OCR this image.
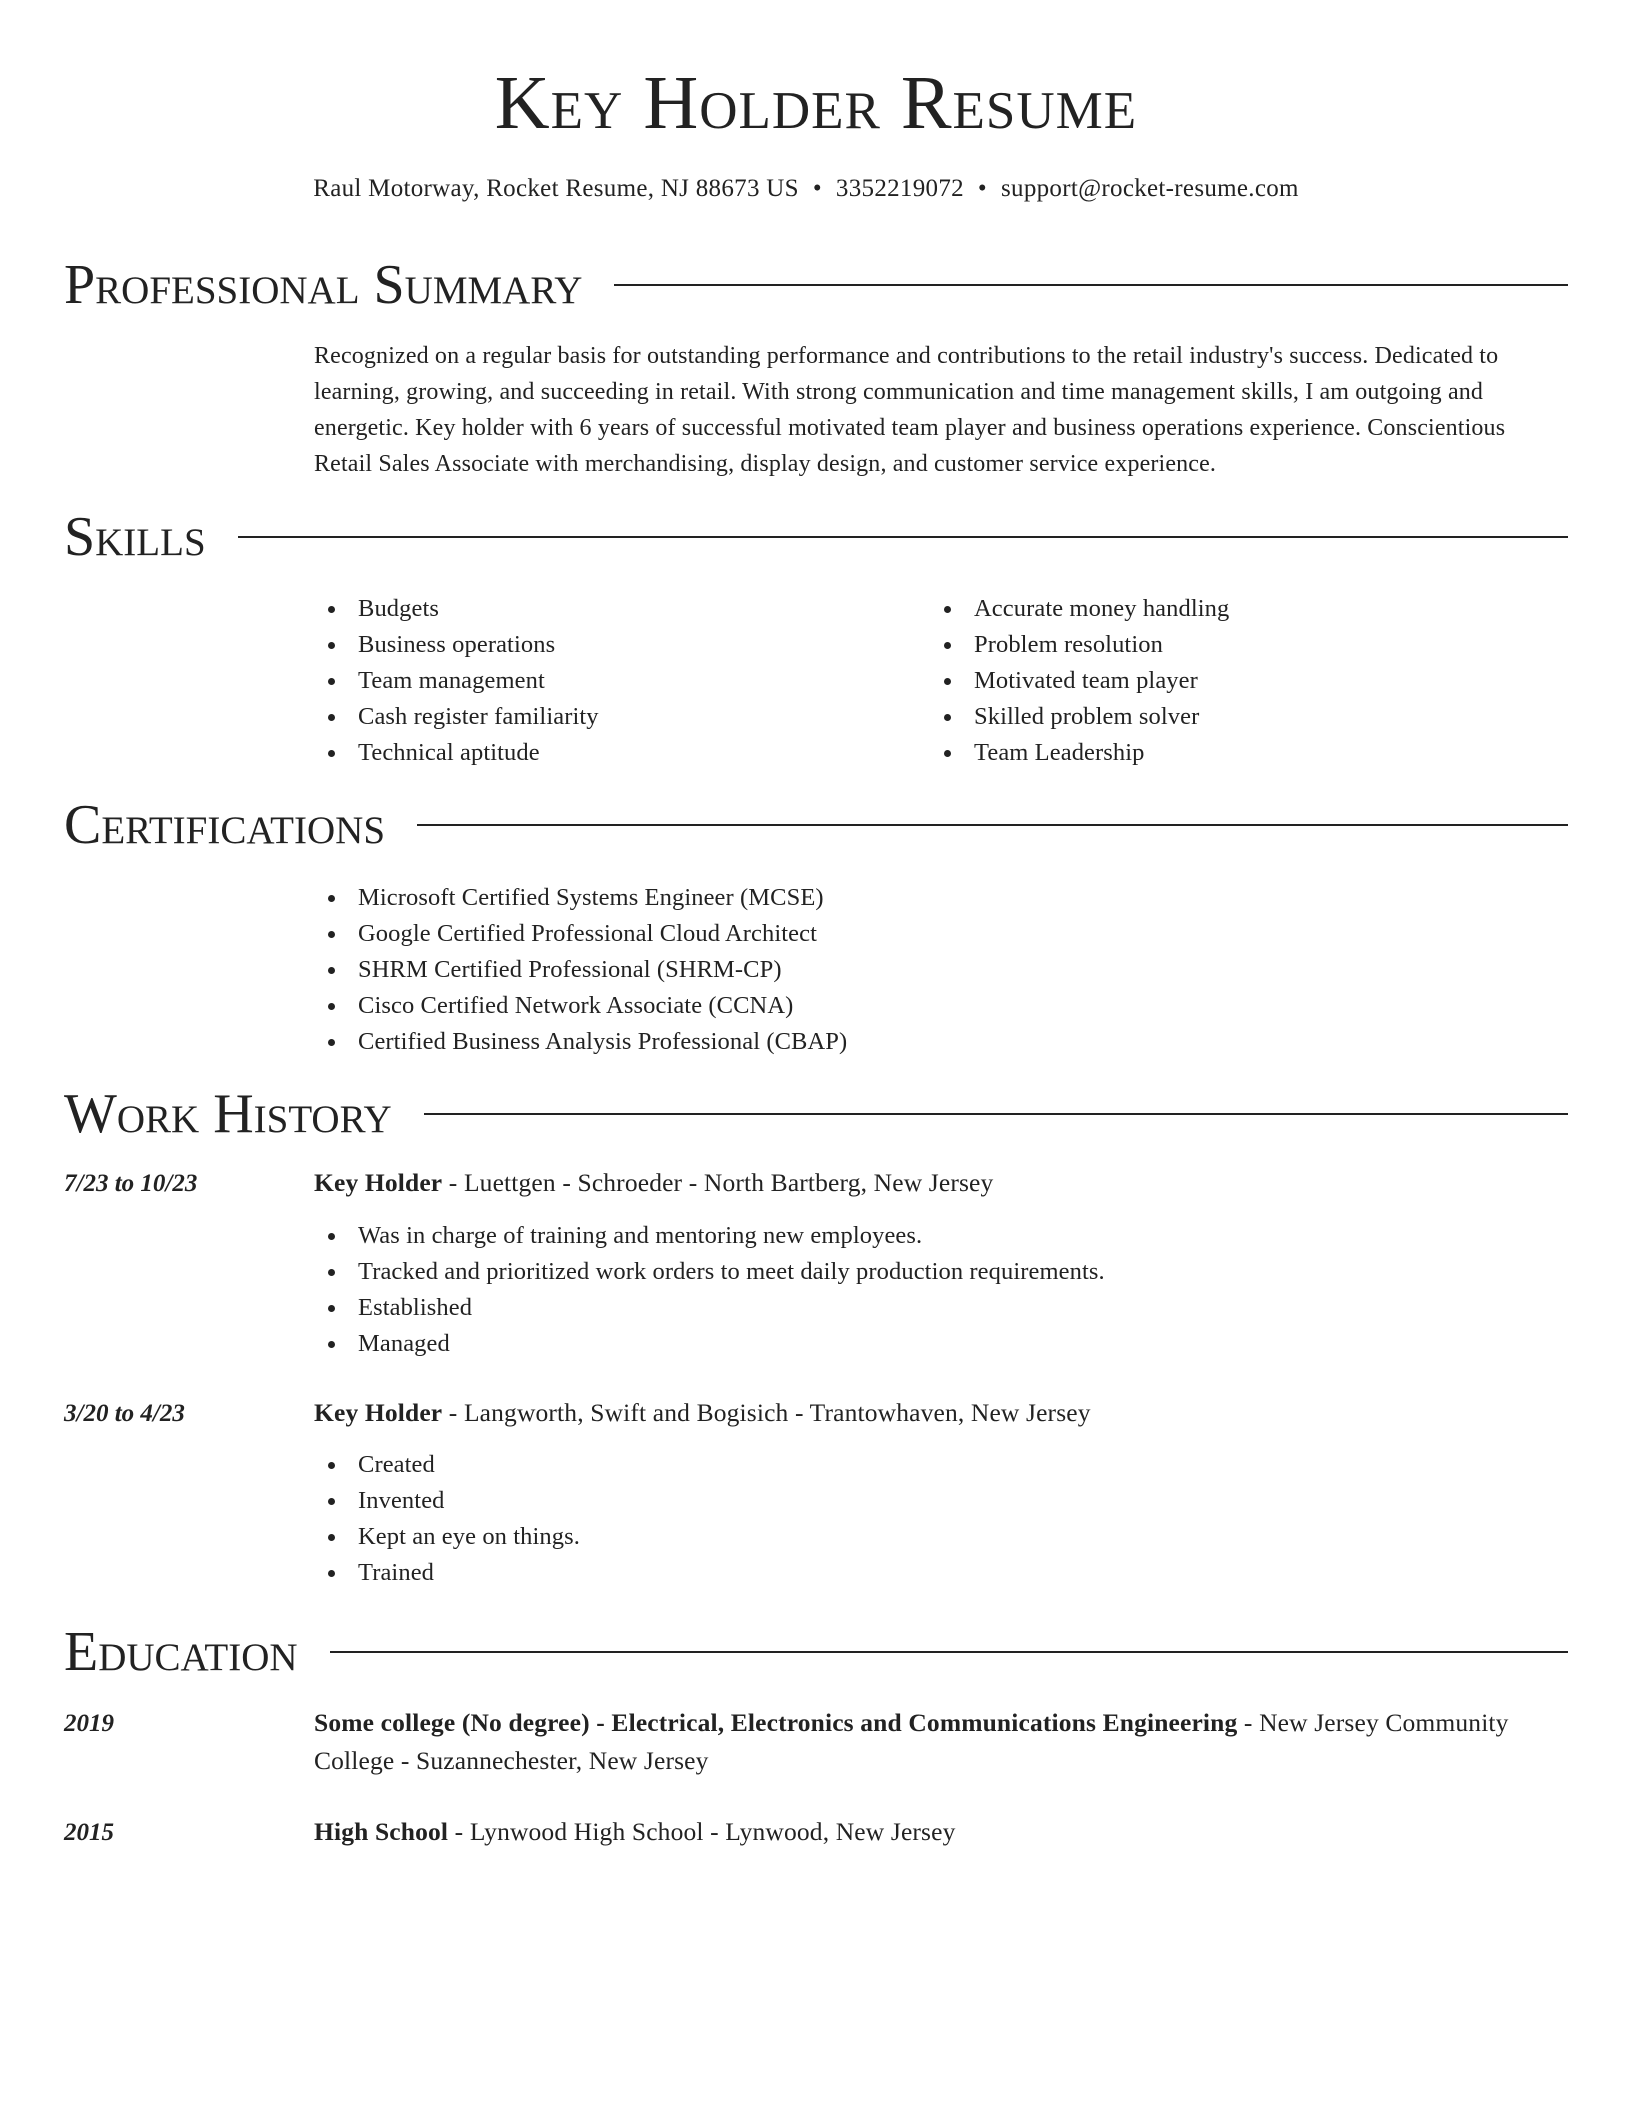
Key Holder Resume
Raul Motorway, Rocket Resume, NJ 88673 US • 3352219072 • support@rocket-resume.com
Professional Summary
Recognized on a regular basis for outstanding performance and contributions to the retail industry's success. Dedicated to learning, growing, and succeeding in retail. With strong communication and time management skills, I am outgoing and energetic. Key holder with 6 years of successful motivated team player and business operations experience. Conscientious Retail Sales Associate with merchandising, display design, and customer service experience.
Skills
Budgets
Business operations
Team management
Cash register familiarity
Technical aptitude
Accurate money handling
Problem resolution
Motivated team player
Skilled problem solver
Team Leadership
Certifications
Microsoft Certified Systems Engineer (MCSE)
Google Certified Professional Cloud Architect
SHRM Certified Professional (SHRM-CP)
Cisco Certified Network Associate (CCNA)
Certified Business Analysis Professional (CBAP)
Work History
7/23 to 10/23	Key Holder - Luettgen - Schroeder - North Bartberg, New Jersey
Was in charge of training and mentoring new employees.
Tracked and prioritized work orders to meet daily production requirements.
Established
Managed
3/20 to 4/23	Key Holder - Langworth, Swift and Bogisich - Trantowhaven, New Jersey
Created
Invented
Kept an eye on things.
Trained
Education
2019	Some college (No degree) - Electrical, Electronics and Communications Engineering - New Jersey Community College - Suzannechester, New Jersey
2015	High School - Lynwood High School - Lynwood, New Jersey
